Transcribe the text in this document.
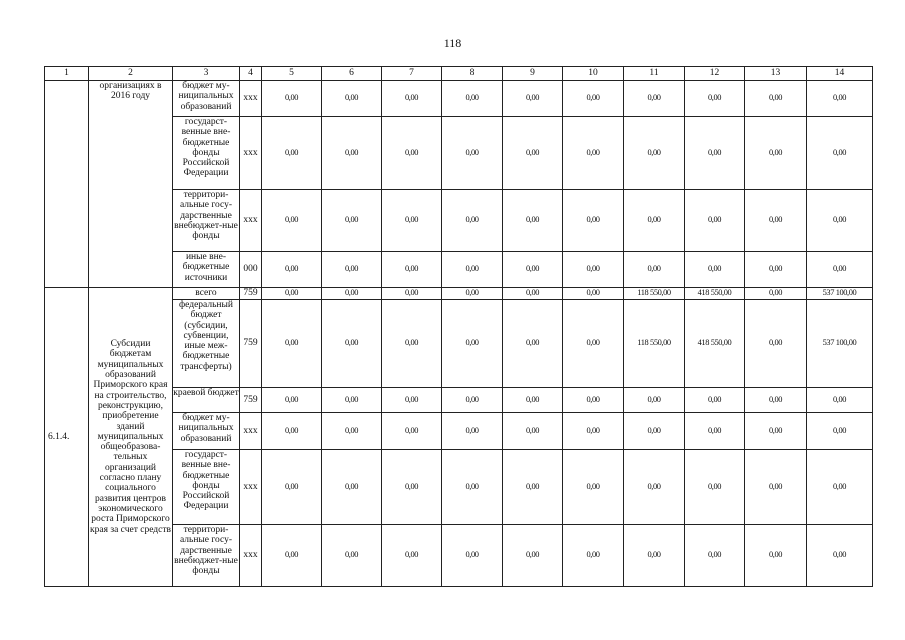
118
1	2	3	4	5	6	7	8	9	10	11	12	13	14
	организациях в 2016 году	бюджет му-ниципальных образований	ххх	0,00	0,00	0,00	0,00	0,00	0,00	0,00	0,00	0,00	0,00
		государст-венные вне-бюджетные фонды Российской Федерации	ххх	0,00	0,00	0,00	0,00	0,00	0,00	0,00	0,00	0,00	0,00
		территори-альные госу-дарственные внебюджет-ные фонды	ххх	0,00	0,00	0,00	0,00	0,00	0,00	0,00	0,00	0,00	0,00
		иные вне-бюджетные источники	000	0,00	0,00	0,00	0,00	0,00	0,00	0,00	0,00	0,00	0,00
6.1.4.	Субсидии бюджетам муниципальных образований Приморского края на строительство, реконструкцию, приобретение зданий муниципальных общеобразова-тельных организаций согласно плану социального развития центров экономического роста Приморского края за счет средств	всего	759	0,00	0,00	0,00	0,00	0,00	0,00	118 550,00	418 550,00	0,00	537 100,00
		федеральный бюджет (субсидии, субвенции, иные меж-бюджетные трансферты)	759	0,00	0,00	0,00	0,00	0,00	0,00	118 550,00	418 550,00	0,00	537 100,00
		краевой бюджет	759	0,00	0,00	0,00	0,00	0,00	0,00	0,00	0,00	0,00	0,00
		бюджет му-ниципальных образований	ххх	0,00	0,00	0,00	0,00	0,00	0,00	0,00	0,00	0,00	0,00
		государст-венные вне-бюджетные фонды Российской Федерации	ххх	0,00	0,00	0,00	0,00	0,00	0,00	0,00	0,00	0,00	0,00
		территори-альные госу-дарственные внебюджет-ные фонды	ххх	0,00	0,00	0,00	0,00	0,00	0,00	0,00	0,00	0,00	0,00
